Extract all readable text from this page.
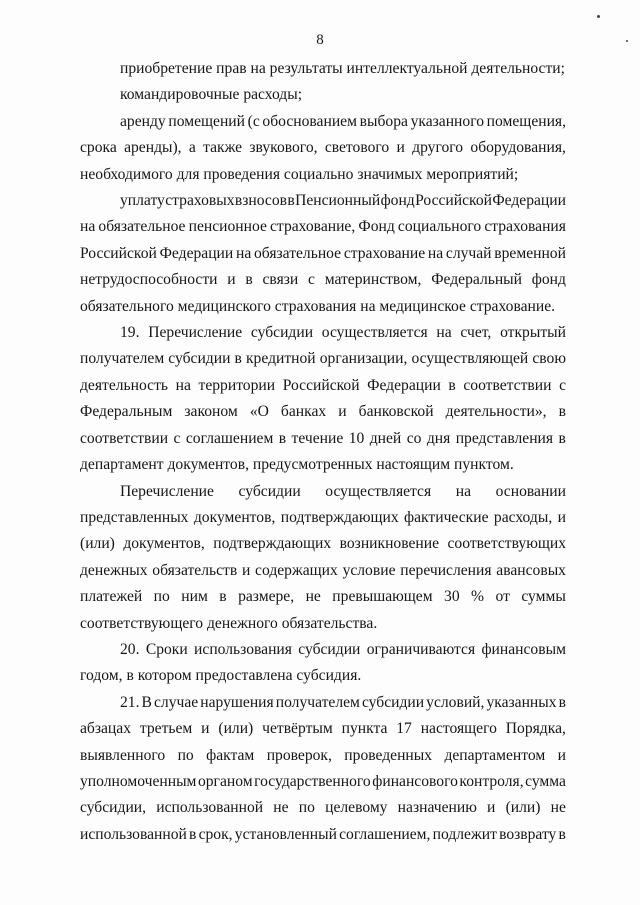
8
приобретение прав на результаты интеллектуальной деятельности;
командировочные расходы;
аренду помещений (с обоснованием выбора указанного помещения,
срока аренды), а также звукового, светового и другого оборудования,
необходимого для проведения социально значимых мероприятий;
уплату страховых взносов в Пенсионный фонд Российской Федерации
на обязательное пенсионное страхование, Фонд социального страхования
Российской Федерации на обязательное страхование на случай временной
нетрудоспособности и в связи с материнством, Федеральный фонд
обязательного медицинского страхования на медицинское страхование.
19. Перечисление субсидии осуществляется на счет, открытый
получателем субсидии в кредитной организации, осуществляющей свою
деятельность на территории Российской Федерации в соответствии с
Федеральным законом «О банках и банковской деятельности», в
соответствии с соглашением в течение 10 дней со дня представления в
департамент документов, предусмотренных настоящим пунктом.
Перечисление субсидии осуществляется на основании
представленных документов, подтверждающих фактические расходы, и
(или) документов, подтверждающих возникновение соответствующих
денежных обязательств и содержащих условие перечисления авансовых
платежей по ним в размере, не превышающем 30 % от суммы
соответствующего денежного обязательства.
20. Сроки использования субсидии ограничиваются финансовым
годом, в котором предоставлена субсидия.
21. В случае нарушения получателем субсидии условий, указанных в
абзацах третьем и (или) четвёртым пункта 17 настоящего Порядка,
выявленного по фактам проверок, проведенных департаментом и
уполномоченным органом государственного финансового контроля, сумма
субсидии, использованной не по целевому назначению и (или) не
использованной в срок, установленный соглашением, подлежит возврату в
